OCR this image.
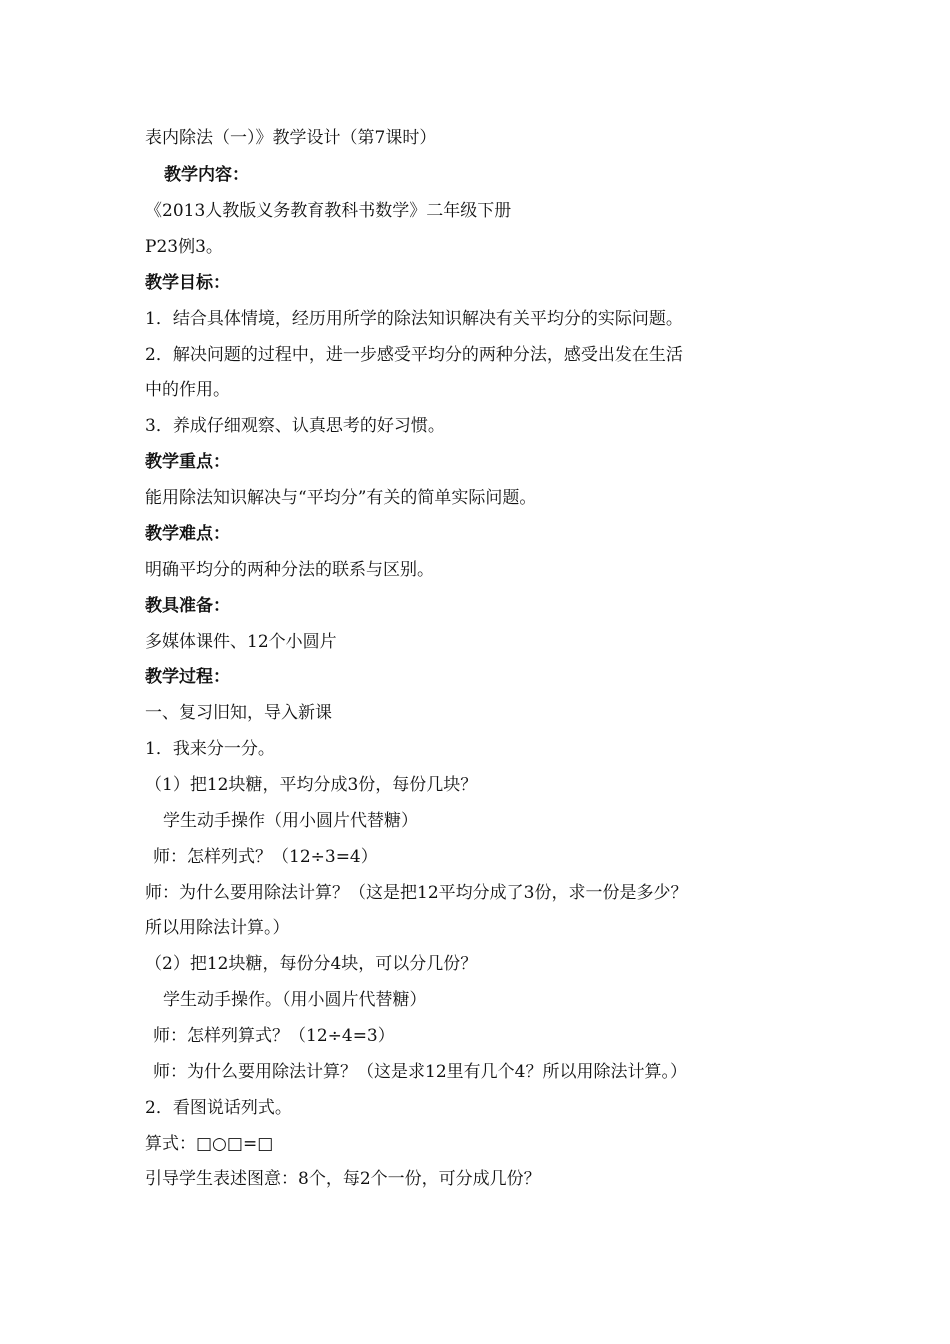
表内除法（一）》教学设计（第7课时）
教学内容：
《2013人教版义务教育教科书数学》二年级下册
P23例3。
教学目标：
1．结合具体情境，经历用所学的除法知识解决有关平均分的实际问题。
2．解决问题的过程中，进一步感受平均分的两种分法，感受出发在生活
中的作用。
3．养成仔细观察、认真思考的好习惯。
教学重点：
能用除法知识解决与“平均分”有关的简单实际问题。
教学难点：
明确平均分的两种分法的联系与区别。
教具准备：
多媒体课件、12个小圆片
教学过程：
一、复习旧知，导入新课
1．我来分一分。
（1）把12块糖，平均分成3份，每份几块？
学生动手操作（用小圆片代替糖）
师：怎样列式？（12÷3=4）
师：为什么要用除法计算？（这是把12平均分成了3份，求一份是多少？
所以用除法计算。）
（2）把12块糖，每份分4块，可以分几份？
学生动手操作。（用小圆片代替糖）
师：怎样列算式？（12÷4=3）
师：为什么要用除法计算？（这是求12里有几个4？所以用除法计算。）
2．看图说话列式。
算式：□○□=□
引导学生表述图意：8个，每2个一份，可分成几份？
